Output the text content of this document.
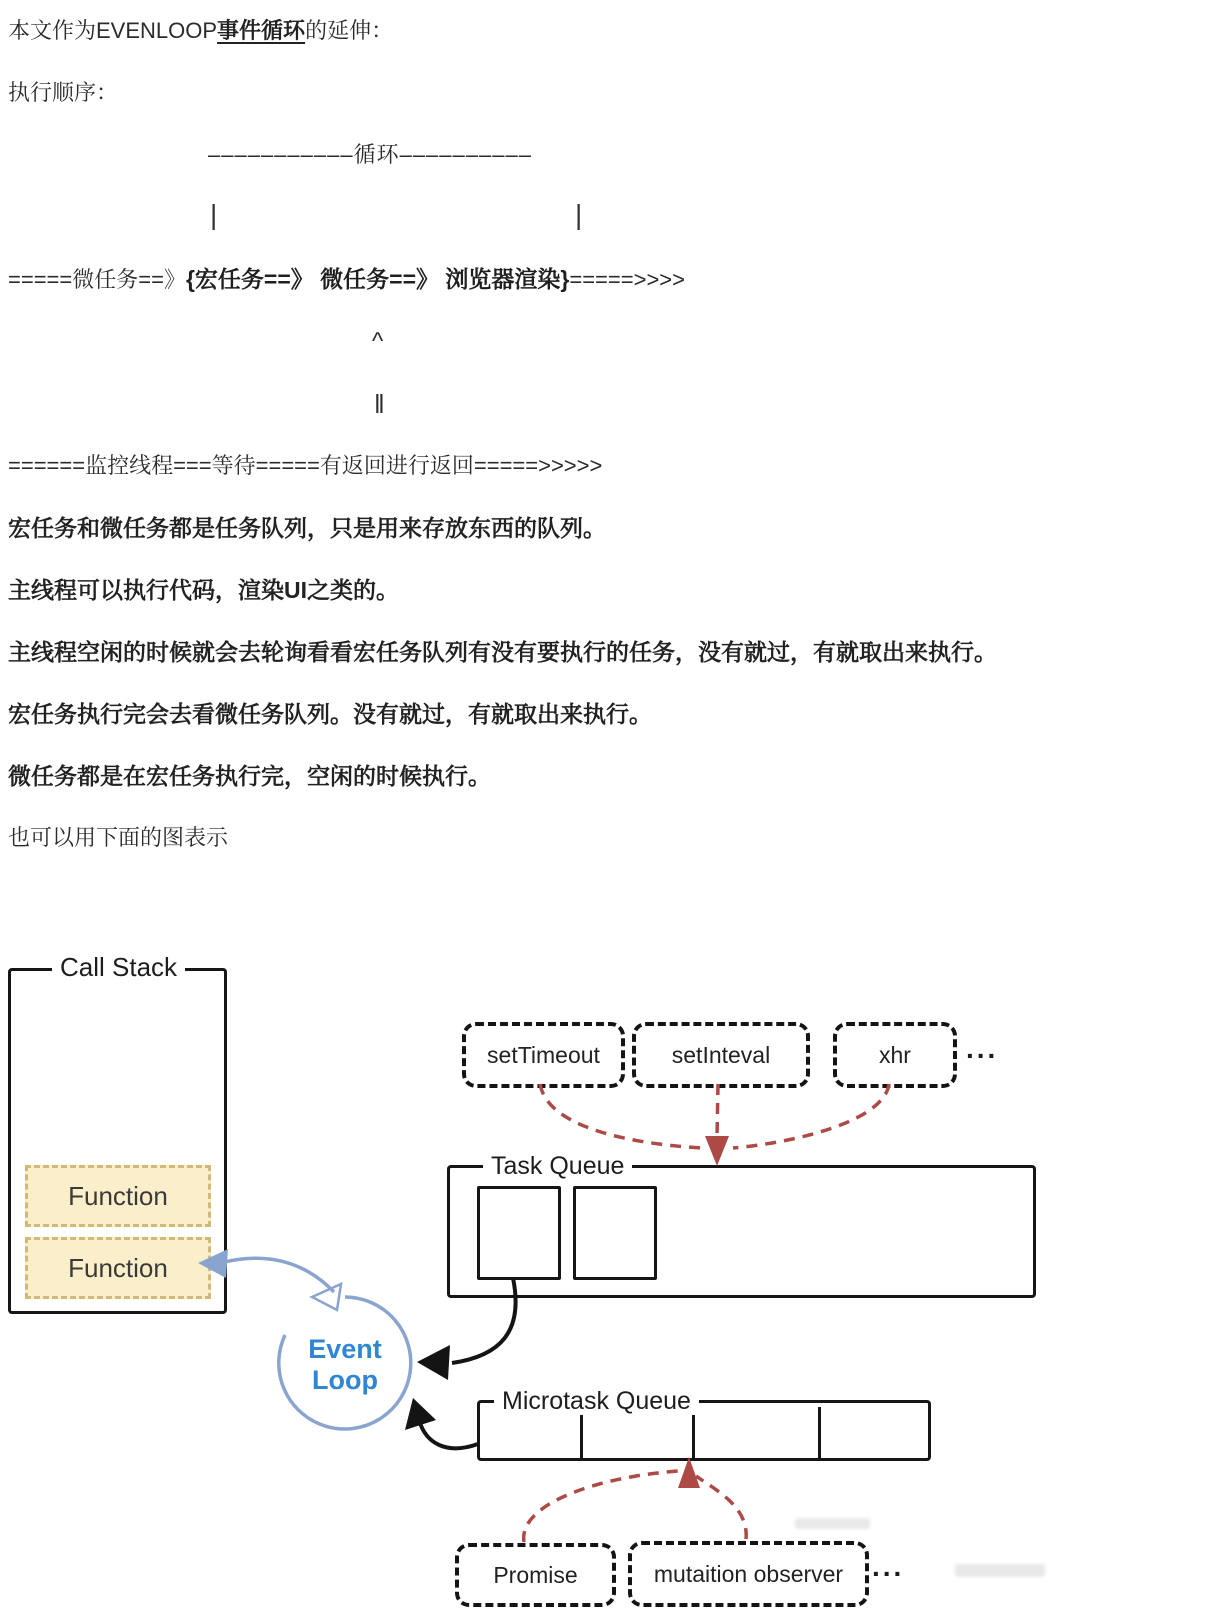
本文作为EVENLOOP事件循环的延伸：

执行顺序：

–––––––––––循环––––––––––

|

	|

=====微任务==》{宏任务==》 微任务==》 浏览器渲染}=====>>>>

^

‖

======监控线程===等待=====有返回进行返回=====>>>>>

宏任务和微任务都是任务队列，只是用来存放东西的队列。

主线程可以执行代码，渲染UI之类的。

主线程空闲的时候就会去轮询看看宏任务队列有没有要执行的任务，没有就过，有就取出来执行。

宏任务执行完会去看微任务队列。没有就过，有就取出来执行。

微任务都是在宏任务执行完，空闲的时候执行。

也可以用下面的图表示

Call Stack
Function
Function
setTimeout	setInteval	xhr	...
Task Queue
Event
Loop
Microtask Queue
Promise	mutaition observer	...
